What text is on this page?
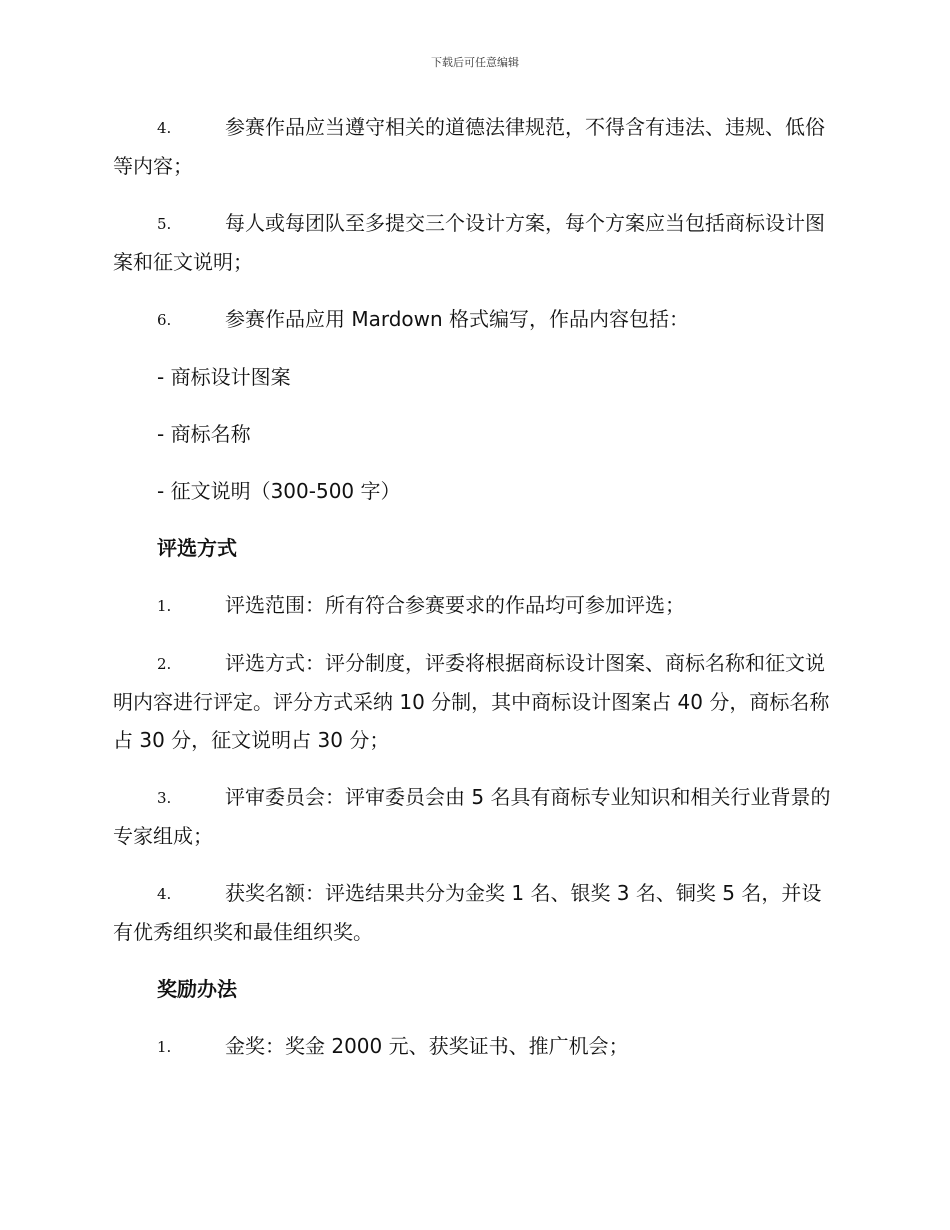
下载后可任意编辑

4.	参赛作品应当遵守相关的道德法律规范，不得含有违法、违规、低俗等内容；

5.	每人或每团队至多提交三个设计方案，每个方案应当包括商标设计图案和征文说明；

6.	参赛作品应用 Mardown 格式编写，作品内容包括：

- 商标设计图案

- 商标名称

- 征文说明（300-500 字）

评选方式

1.	评选范围：所有符合参赛要求的作品均可参加评选；

2.	评选方式：评分制度，评委将根据商标设计图案、商标名称和征文说明内容进行评定。评分方式采纳 10 分制，其中商标设计图案占 40 分，商标名称占 30 分，征文说明占 30 分；

3.	评审委员会：评审委员会由 5 名具有商标专业知识和相关行业背景的专家组成；

4.	获奖名额：评选结果共分为金奖 1 名、银奖 3 名、铜奖 5 名，并设有优秀组织奖和最佳组织奖。

奖励办法

1.	金奖：奖金 2000 元、获奖证书、推广机会；
